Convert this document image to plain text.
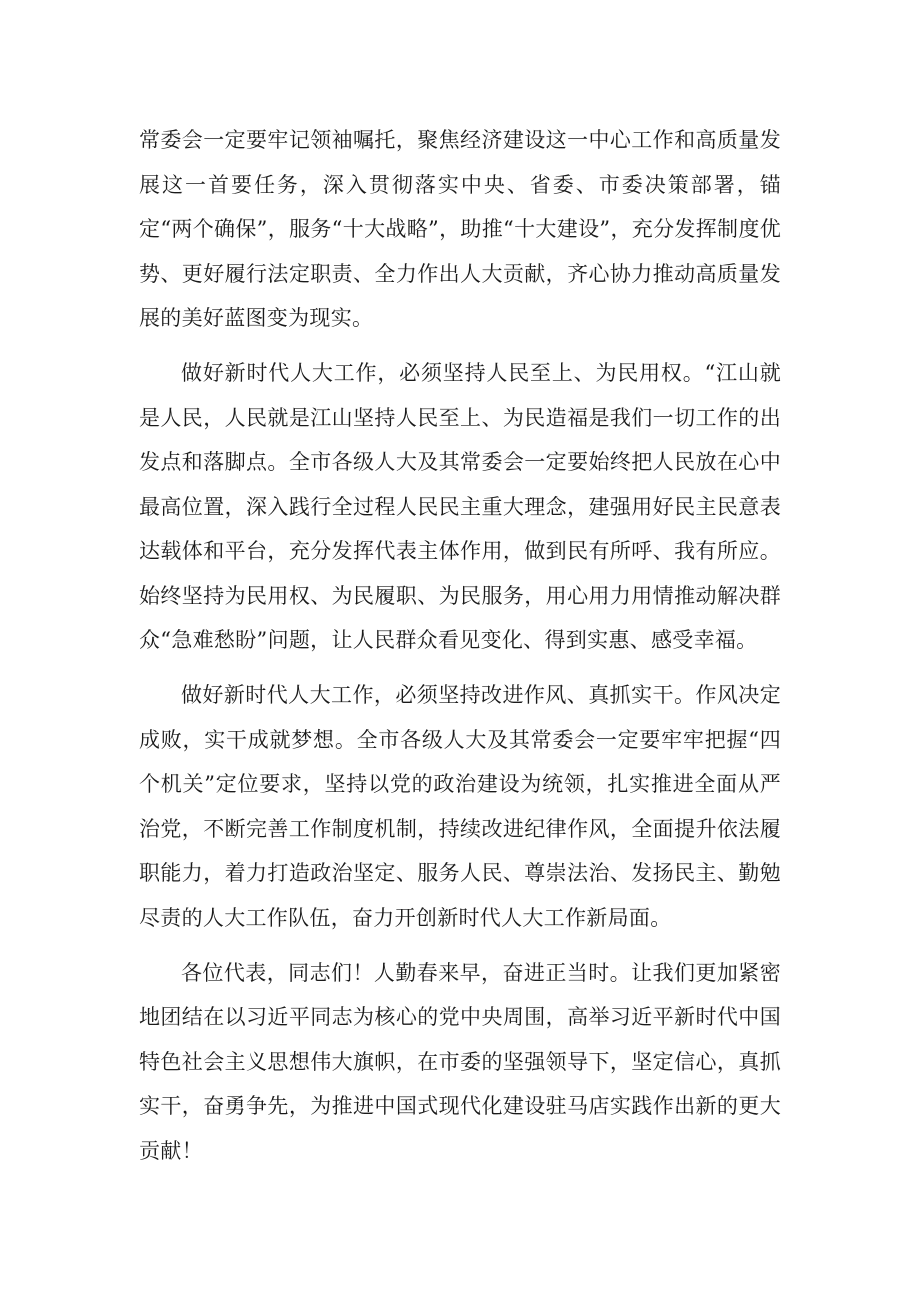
常委会一定要牢记领袖嘱托，聚焦经济建设这一中心工作和高质量发展这一首要任务，深入贯彻落实中央、省委、市委决策部署，锚定“两个确保”，服务“十大战略”，助推“十大建设”，充分发挥制度优势、更好履行法定职责、全力作出人大贡献，齐心协力推动高质量发展的美好蓝图变为现实。

做好新时代人大工作，必须坚持人民至上、为民用权。“江山就是人民，人民就是江山坚持人民至上、为民造福是我们一切工作的出发点和落脚点。全市各级人大及其常委会一定要始终把人民放在心中最高位置，深入践行全过程人民民主重大理念，建强用好民主民意表达载体和平台，充分发挥代表主体作用，做到民有所呼、我有所应。始终坚持为民用权、为民履职、为民服务，用心用力用情推动解决群众“急难愁盼”问题，让人民群众看见变化、得到实惠、感受幸福。

做好新时代人大工作，必须坚持改进作风、真抓实干。作风决定成败，实干成就梦想。全市各级人大及其常委会一定要牢牢把握“四个机关”定位要求，坚持以党的政治建设为统领，扎实推进全面从严治党，不断完善工作制度机制，持续改进纪律作风，全面提升依法履职能力，着力打造政治坚定、服务人民、尊崇法治、发扬民主、勤勉尽责的人大工作队伍，奋力开创新时代人大工作新局面。

各位代表，同志们！人勤春来早，奋进正当时。让我们更加紧密地团结在以习近平同志为核心的党中央周围，高举习近平新时代中国特色社会主义思想伟大旗帜，在市委的坚强领导下，坚定信心，真抓实干，奋勇争先，为推进中国式现代化建设驻马店实践作出新的更大贡献！
